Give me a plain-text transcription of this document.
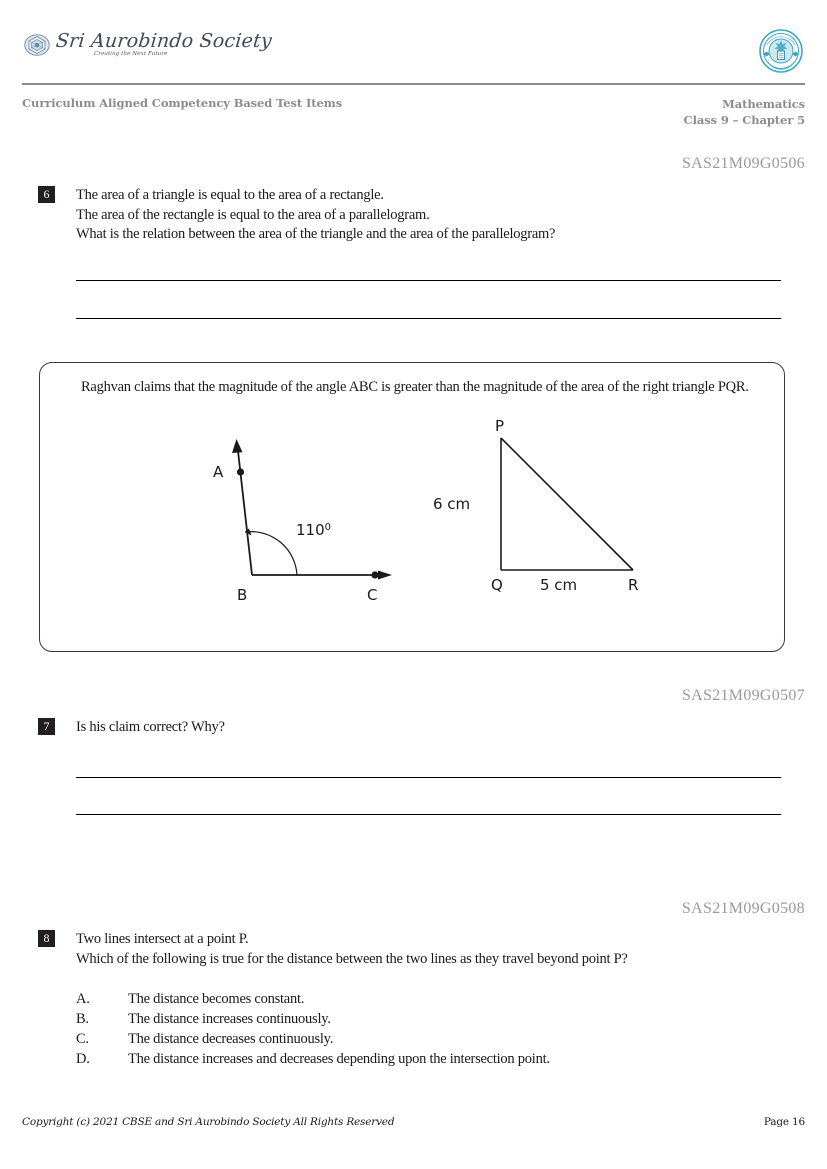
Sri Aurobindo Society
Creating the Next Future
Curriculum Aligned Competency Based Test Items	Mathematics
Class 9 – Chapter 5
SAS21M09G0506
6	The area of a triangle is equal to the area of a rectangle.
The area of the rectangle is equal to the area of a parallelogram.
What is the relation between the area of the triangle and the area of the parallelogram?
Raghvan claims that the magnitude of the angle ABC is greater than the magnitude of the area of the right triangle PQR.
A
B	C
$110^0$
P
Q	R
6 cm
5 cm
SAS21M09G0507
7	Is his claim correct? Why?
SAS21M09G0508
8	Two lines intersect at a point P.
Which of the following is true for the distance between the two lines as they travel beyond point P?
A.	The distance becomes constant.
B.	The distance increases continuously.
C.	The distance decreases continuously.
D.	The distance increases and decreases depending upon the intersection point.
Copyright (c) 2021 CBSE and Sri Aurobindo Society All Rights Reserved	Page 16
